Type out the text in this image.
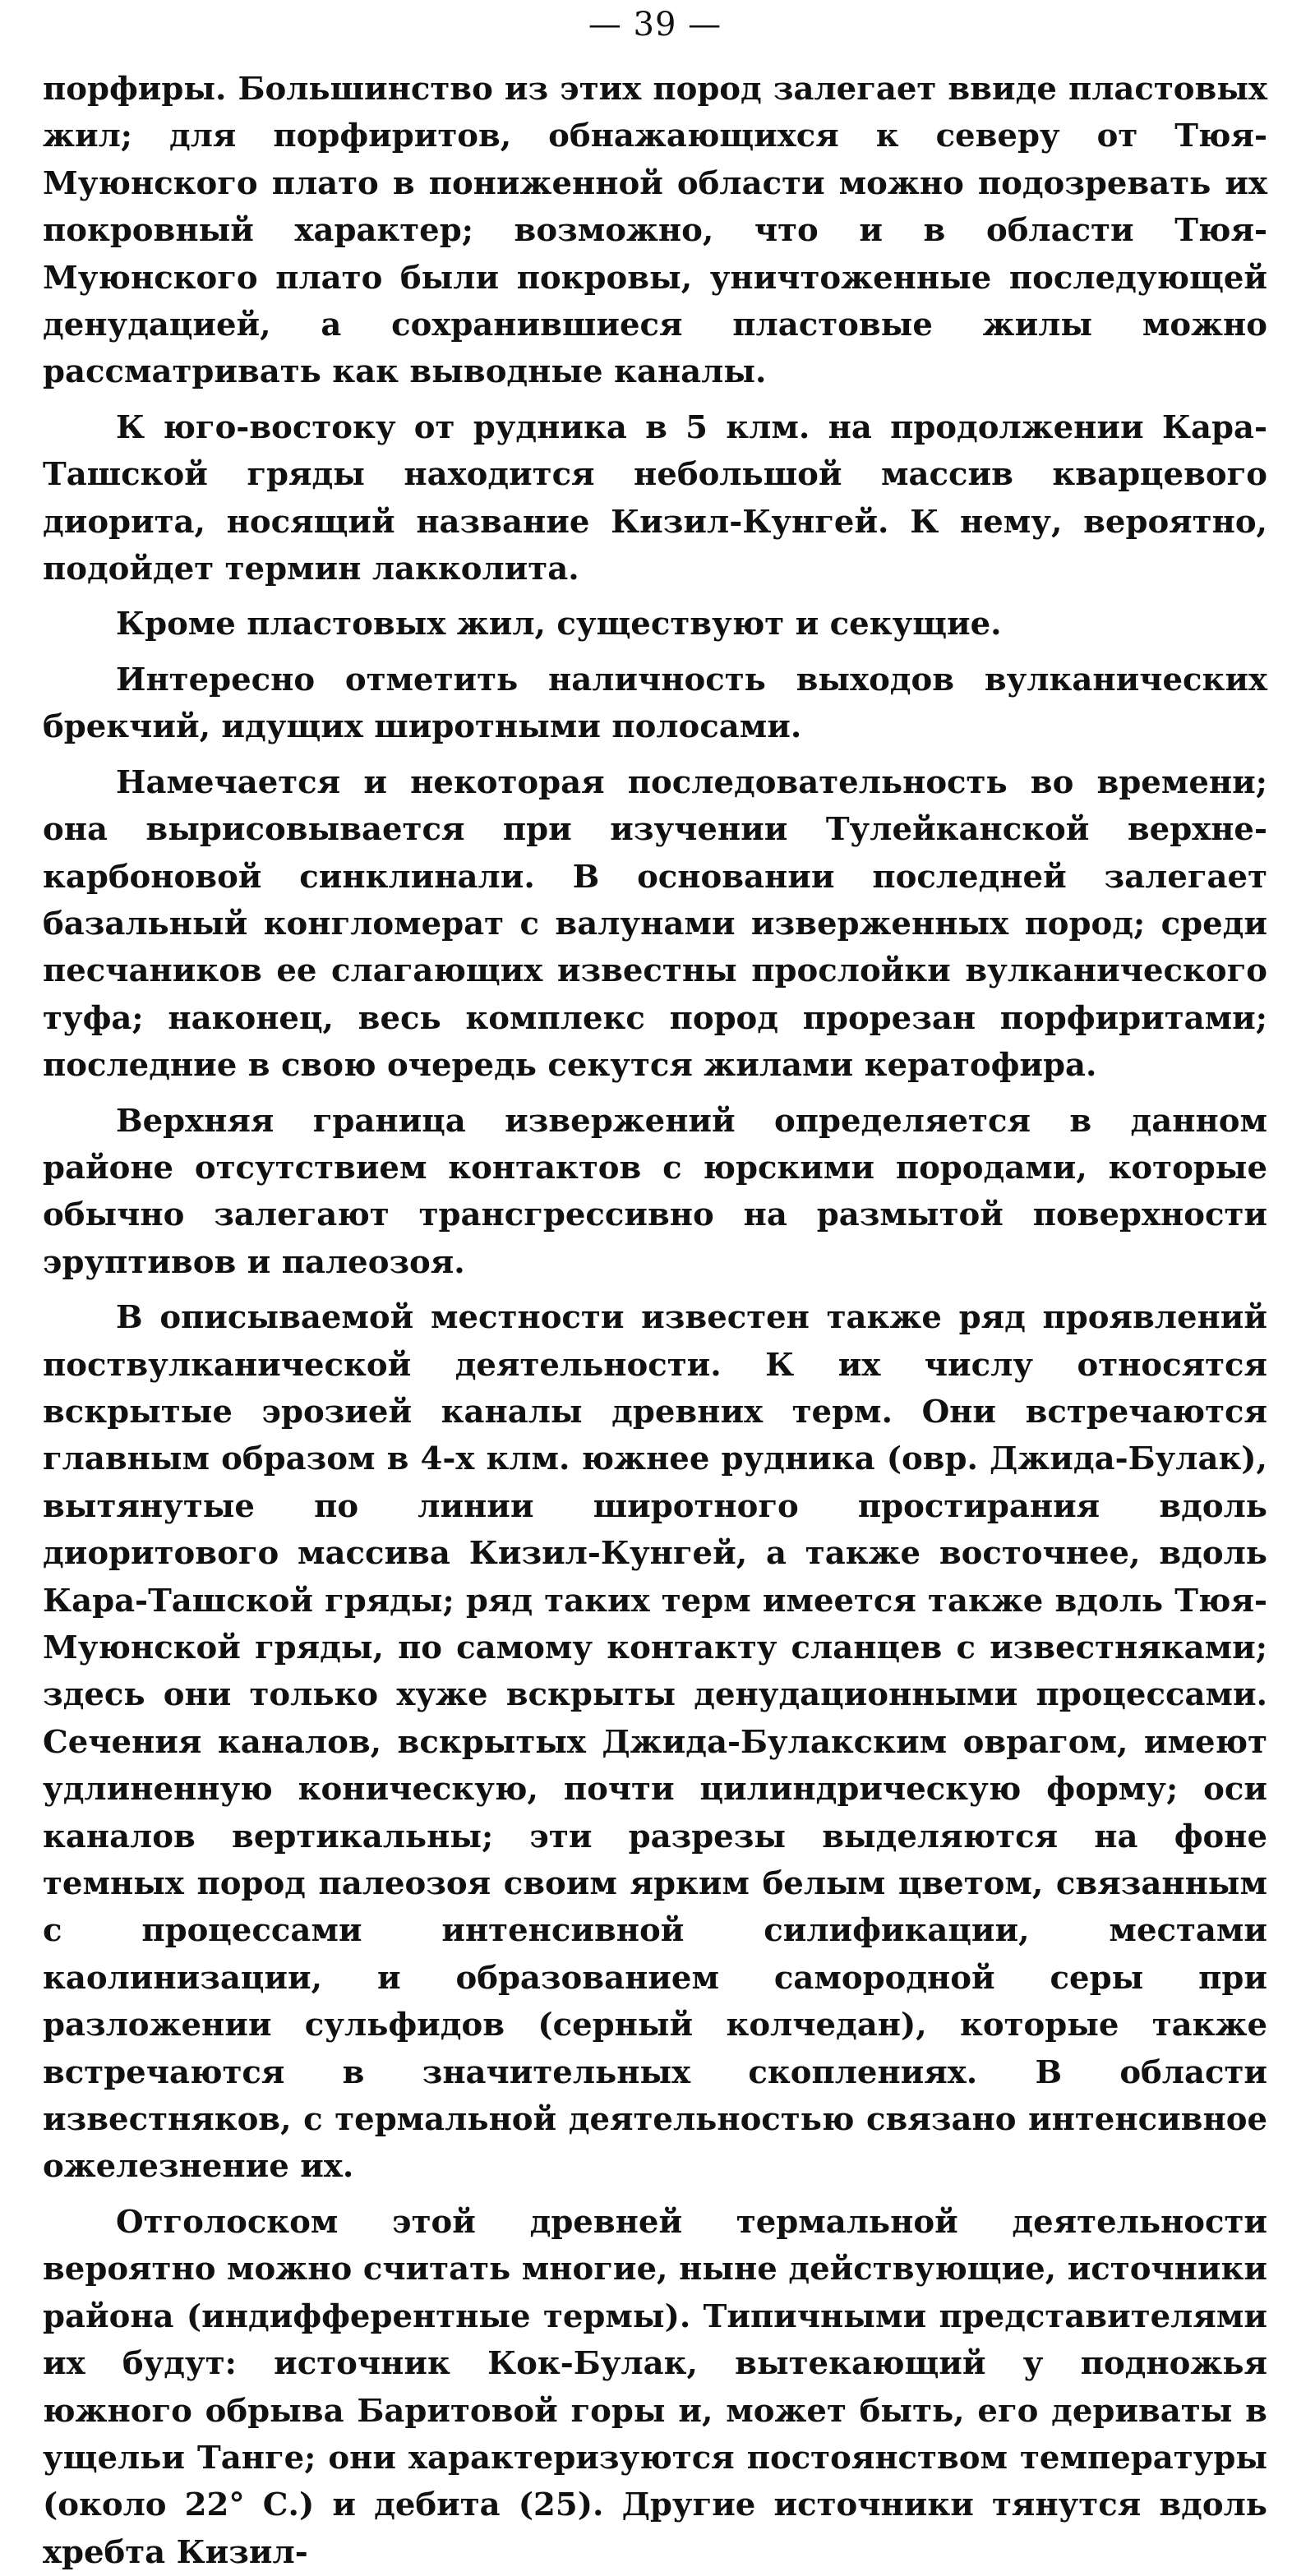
— 39 —

порфиры. Большинство из этих пород залегает ввиде пластовых жил; для порфиритов, обнажающихся к северу от Тюя-Муюнского плато в пониженной области можно подозревать их покровный характер; возможно, что и в области Тюя-Муюнского плато были покровы, уничтоженные последующей денудацией, а сохранившиеся пластовые жилы можно рассматривать как выводные каналы.

К юго-востоку от рудника в 5 клм. на продолжении Кара-Ташской гряды находится небольшой массив кварцевого диорита, носящий название Кизил-Кунгей. К нему, вероятно, подойдет термин лакколита.

Кроме пластовых жил, существуют и секущие.

Интересно отметить наличность выходов вулканических брекчий, идущих широтными полосами.

Намечается и некоторая последовательность во времени; она вырисовывается при изучении Тулейканской верхне-карбоновой синклинали. В основании последней залегает базальный конгломерат с валунами изверженных пород; среди песчаников ее слагающих известны прослойки вулканического туфа; наконец, весь комплекс пород прорезан порфиритами; последние в свою очередь секутся жилами кератофира.

Верхняя граница извержений определяется в данном районе отсутствием контактов с юрскими породами, которые обычно залегают трансгрессивно на размытой поверхности эруптивов и палеозоя.

В описываемой местности известен также ряд проявлений поствулканической деятельности. К их числу относятся вскрытые эрозией каналы древних терм. Они встречаются главным образом в 4-х клм. южнее рудника (овр. Джида-Булак), вытянутые по линии широтного простирания вдоль диоритового массива Кизил-Кунгей, а также восточнее, вдоль Кара-Ташской гряды; ряд таких терм имеется также вдоль Тюя-Муюнской гряды, по самому контакту сланцев с известняками; здесь они только хуже вскрыты денудационными процессами. Сечения каналов, вскрытых Джида-Булакским оврагом, имеют удлиненную коническую, почти цилиндрическую форму; оси каналов вертикальны; эти разрезы выделяются на фоне темных пород палеозоя своим ярким белым цветом, связанным с процессами интенсивной силификации, местами каолинизации, и образованием самородной серы при разложении сульфидов (серный колчедан), которые также встречаются в значительных скоплениях. В области известняков, с термальной деятельностью связано интенсивное ожелезнение их.

Отголоском этой древней термальной деятельности вероятно можно считать многие, ныне действующие, источники района (индифферентные термы). Типичными представителями их будут: источник Кок-Булак, вытекающий у подножья южного обрыва Баритовой горы и, может быть, его дериваты в ущельи Танге; они характеризуются постоянством температуры (около 22° С.) и дебита (25). Другие источники тянутся вдоль хребта Кизил-
